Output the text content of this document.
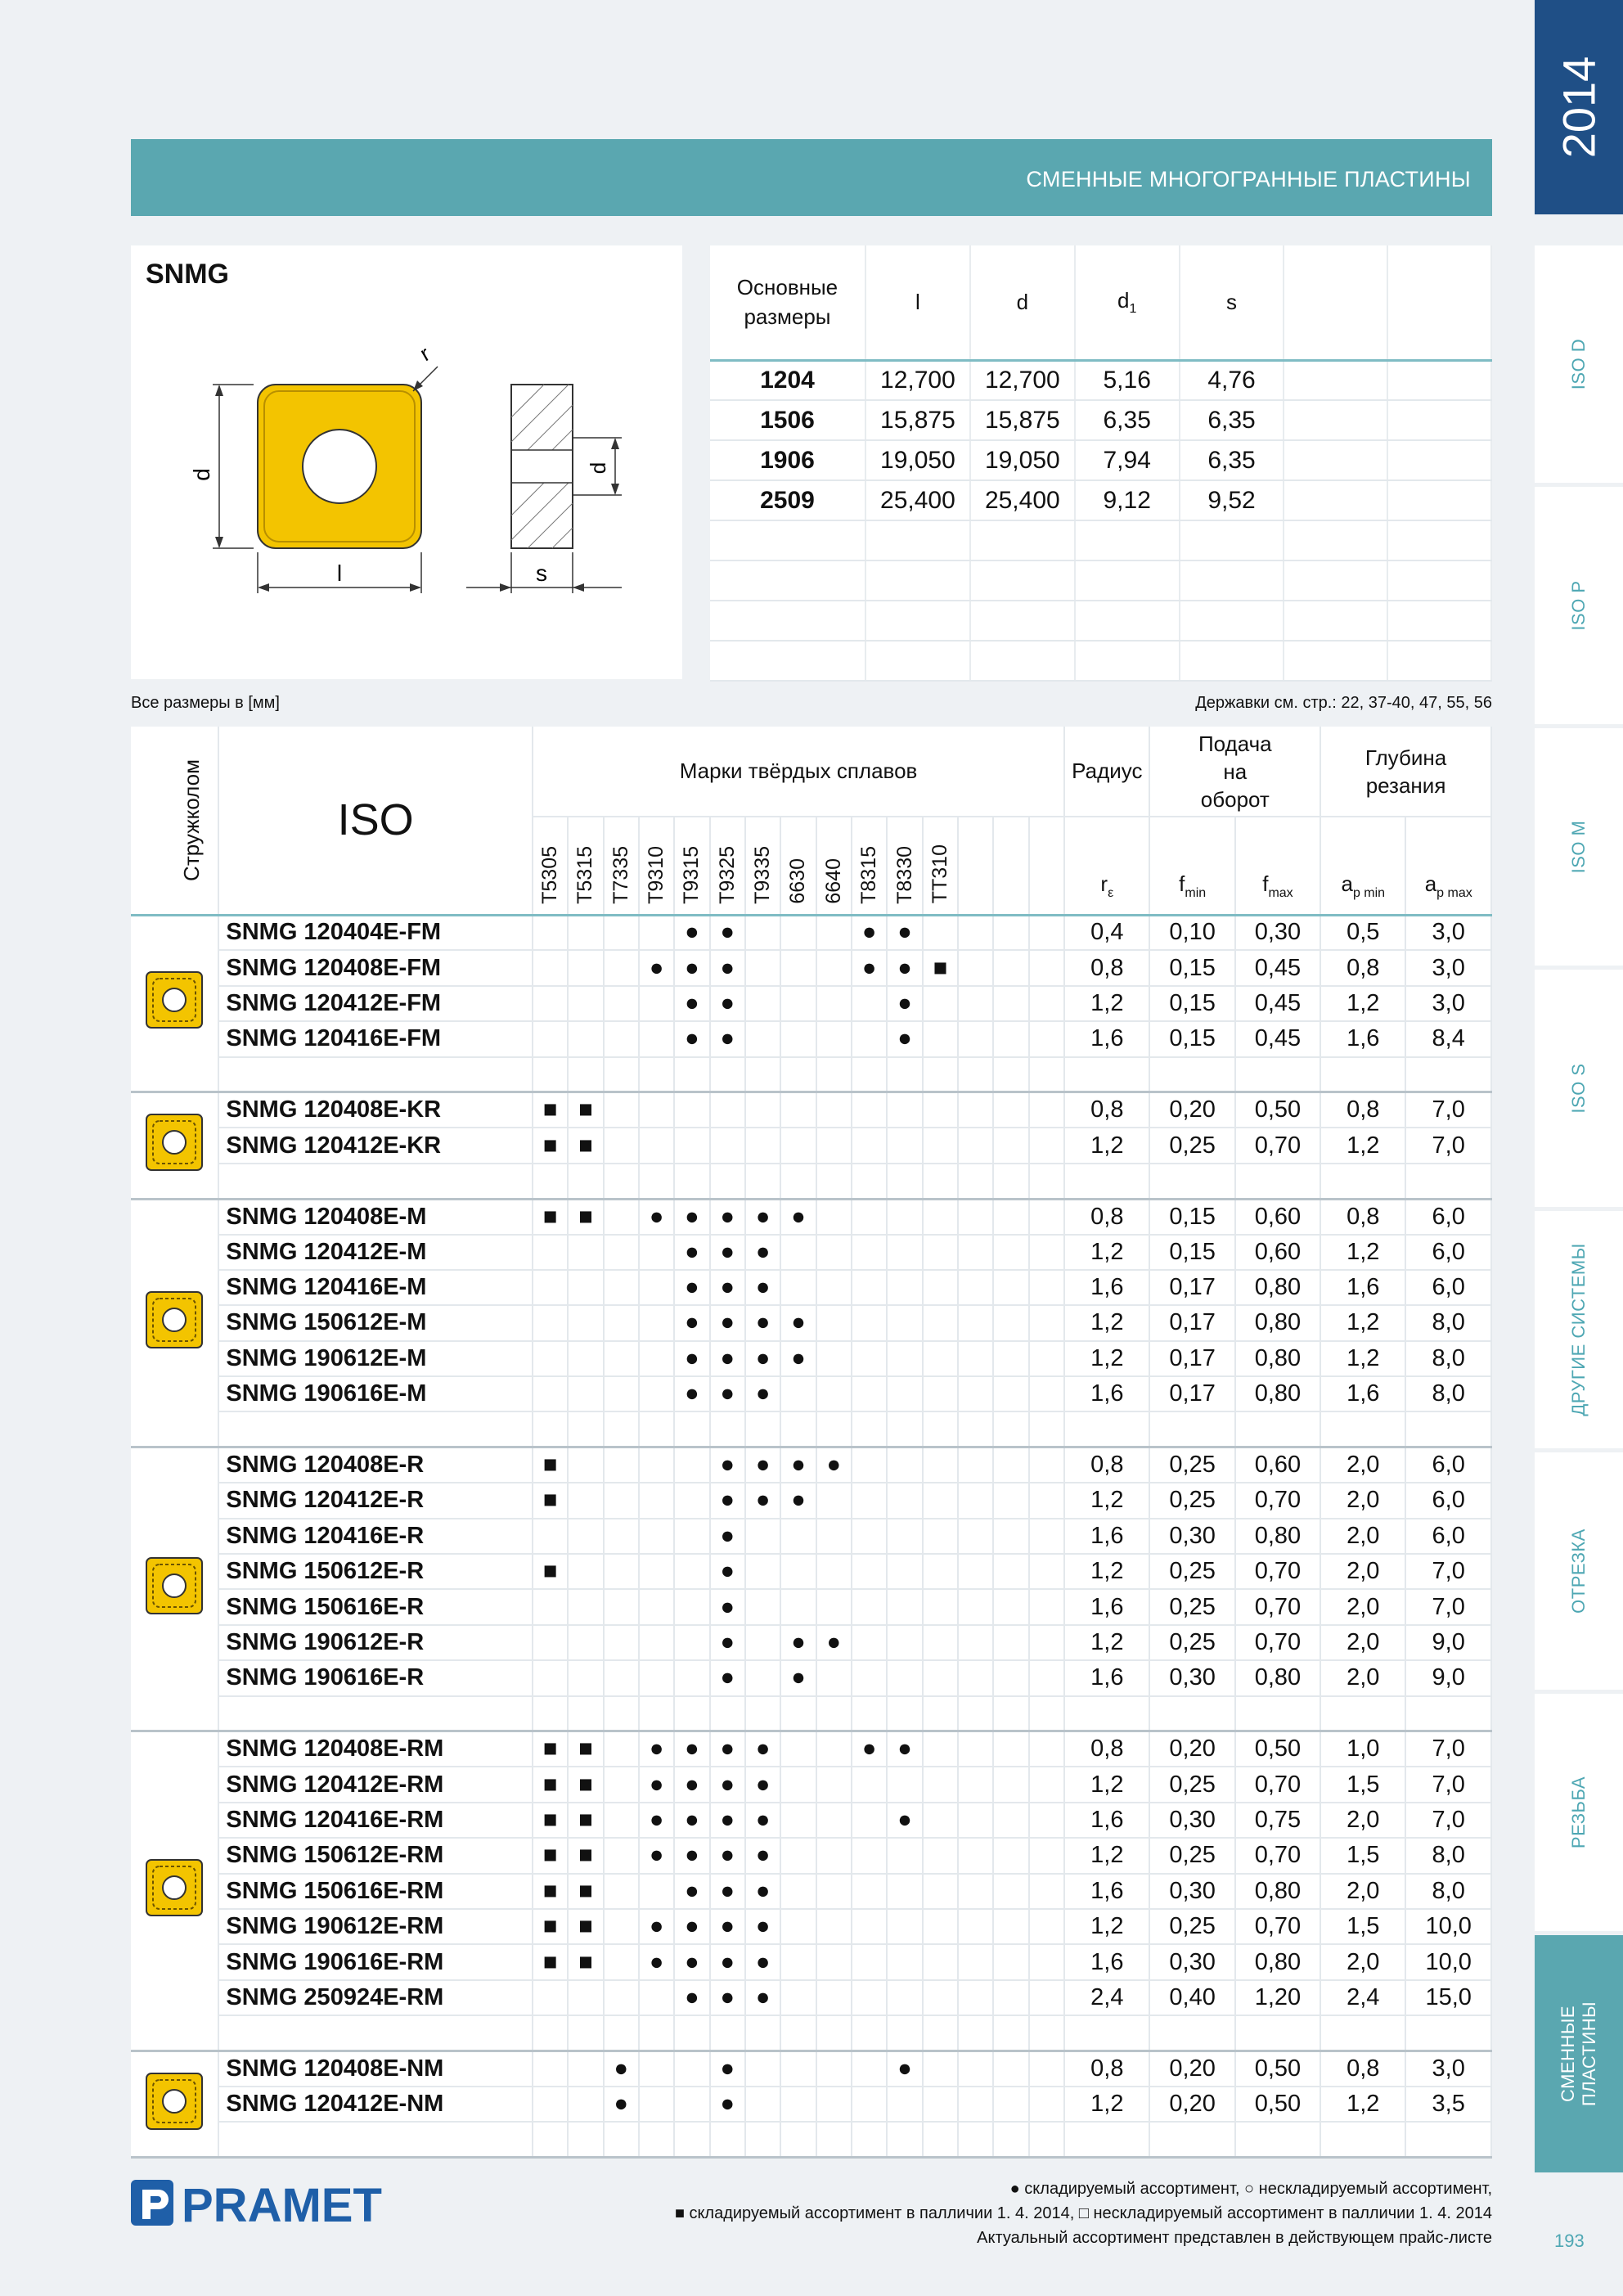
2014
ISO D
ISO P
ISO M
ISO S
ДРУГИЕ СИСТЕМЫ
ОТРЕЗКА
РЕЗЬБА
СМЕННЫЕ ПЛАСТИНЫ
193
СМЕННЫЕ МНОГОГРАННЫЕ ПЛАСТИНЫ
SNMG
d
l
r
d
s
Основные размеры	l	d	$d_1$	s		
1204	12,700	12,700	5,16	4,76		
1506	15,875	15,875	6,35	6,35		
1906	19,050	19,050	7,94	6,35		
2509	25,400	25,400	9,12	9,52		

Все размеры в [мм]	Державки см. стр.: 22, 37-40, 47, 55, 56
Стружколом	ISO	Марки твёрдых сплавов															Радиус	Подача на оборот		Глубина резания	

		T5305	T5315	T7335	T9310	T9315	T9325	T9335	6630	6640	T8315	T8330	TT310				$r_\varepsilon$	$f_{min}$	$f_{max}$	$a_{p min}$	$a_{p max}$
	SNMG 120404E-FM					●	●				●	●					0,4	0,10	0,30	0,5	3,0
	SNMG 120408E-FM				●	●	●				●	●	■				0,8	0,15	0,45	0,8	3,0
	SNMG 120412E-FM					●	●					●					1,2	0,15	0,45	1,2	3,0
	SNMG 120416E-FM					●	●					●					1,6	0,15	0,45	1,6	8,4

	SNMG 120408E-KR	■	■														0,8	0,20	0,50	0,8	7,0
	SNMG 120412E-KR	■	■														1,2	0,25	0,70	1,2	7,0

	SNMG 120408E-M	■	■		●	●	●	●	●								0,8	0,15	0,60	0,8	6,0
	SNMG 120412E-M					●	●	●									1,2	0,15	0,60	1,2	6,0
	SNMG 120416E-M					●	●	●									1,6	0,17	0,80	1,6	6,0
	SNMG 150612E-M					●	●	●	●								1,2	0,17	0,80	1,2	8,0
	SNMG 190612E-M					●	●	●	●								1,2	0,17	0,80	1,2	8,0
	SNMG 190616E-M					●	●	●									1,6	0,17	0,80	1,6	8,0

	SNMG 120408E-R	■					●	●	●	●							0,8	0,25	0,60	2,0	6,0
	SNMG 120412E-R	■					●	●	●								1,2	0,25	0,70	2,0	6,0
	SNMG 120416E-R						●										1,6	0,30	0,80	2,0	6,0
	SNMG 150612E-R	■					●										1,2	0,25	0,70	2,0	7,0
	SNMG 150616E-R						●										1,6	0,25	0,70	2,0	7,0
	SNMG 190612E-R						●		●	●							1,2	0,25	0,70	2,0	9,0
	SNMG 190616E-R						●		●								1,6	0,30	0,80	2,0	9,0

	SNMG 120408E-RM	■	■		●	●	●	●			●	●					0,8	0,20	0,50	1,0	7,0
	SNMG 120412E-RM	■	■		●	●	●	●									1,2	0,25	0,70	1,5	7,0
	SNMG 120416E-RM	■	■		●	●	●	●				●					1,6	0,30	0,75	2,0	7,0
	SNMG 150612E-RM	■	■		●	●	●	●									1,2	0,25	0,70	1,5	8,0
	SNMG 150616E-RM	■	■			●	●	●									1,6	0,30	0,80	2,0	8,0
	SNMG 190612E-RM	■	■		●	●	●	●									1,2	0,25	0,70	1,5	10,0
	SNMG 190616E-RM	■	■		●	●	●	●									1,6	0,30	0,80	2,0	10,0
	SNMG 250924E-RM					●	●	●									2,4	0,40	1,20	2,4	15,0

	SNMG 120408E-NM			●			●					●					0,8	0,20	0,50	0,8	3,0
	SNMG 120412E-NM			●			●										1,2	0,20	0,50	1,2	3,5

PRAMET	● складируемый ассортимент, ○ нескладируемый ассортимент,
■ складируемый ассортимент в палличии 1. 4. 2014, □ нескладируемый ассортимент в палличии 1. 4. 2014
Актуальный ассортимент представлен в действующем прайс-листе
